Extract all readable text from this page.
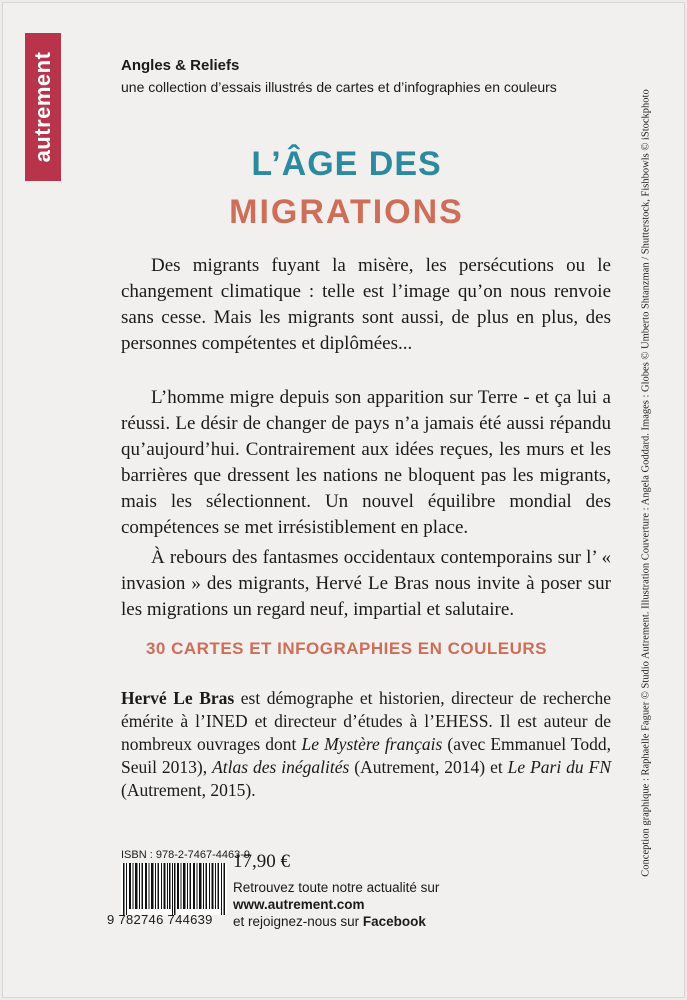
autrement	Angles & Reliefs
une collection d’essais illustrés de cartes et d’infographies en couleurs
L’ÂGE DES
MIGRATIONS

Des migrants fuyant la misère, les persécutions ou le changement climatique : telle est l’image qu’on nous renvoie sans cesse. Mais les migrants sont aussi, de plus en plus, des personnes compétentes et diplômées...

L’homme migre depuis son apparition sur Terre - et ça lui a réussi. Le désir de changer de pays n’a jamais été aussi répandu qu’aujourd’hui. Contrairement aux idées reçues, les murs et les barrières que dressent les nations ne bloquent pas les migrants, mais les sélectionnent. Un nouvel équilibre mondial des compétences se met irrésistiblement en place.

À rebours des fantasmes occidentaux contemporains sur l’ « invasion » des migrants, Hervé Le Bras nous invite à poser sur les migrations un regard neuf, impartial et salutaire.

30 CARTES ET INFOGRAPHIES EN COULEURS

Hervé Le Bras est démographe et historien, directeur de recherche émérite à l’INED et directeur d’études à l’EHESS. Il est auteur de nombreux ouvrages dont Le Mystère français (avec Emmanuel Todd, Seuil 2013), Atlas des inégalités (Autrement, 2014) et Le Pari du FN (Autrement, 2015).

ISBN : 978-2-7467-4463-9
9 782746 744639
17,90 €
Retrouvez toute notre actualité sur
www.autrement.com
et rejoignez-nous sur Facebook
Conception graphique : Raphaelle Faguer © Studio Autrement. Illustration Couverture : Angela Goddard. Images : Globes © Umberto Shtanzman / Shutterstock, Fishbowls © iStockphoto
